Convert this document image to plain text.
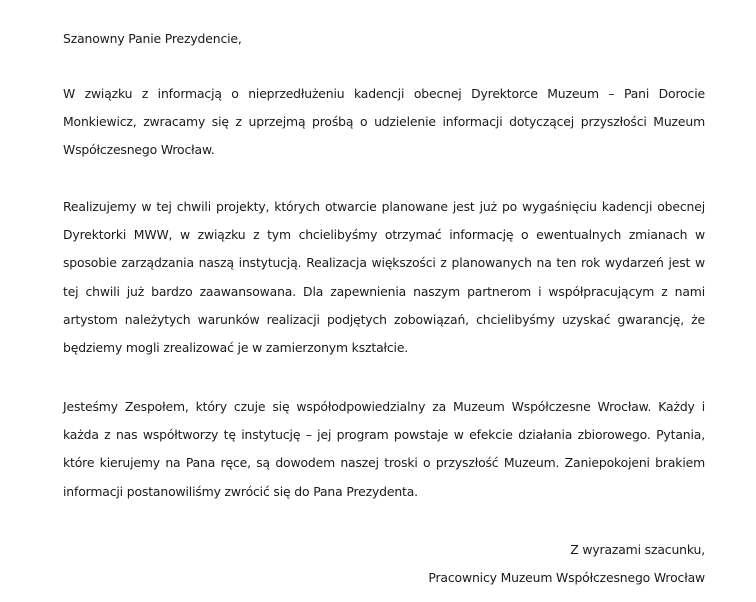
Szanowny Panie Prezydencie,

W związku z informacją o nieprzedłużeniu kadencji obecnej Dyrektorce Muzeum – Pani Dorocie Monkiewicz, zwracamy się z uprzejmą prośbą o udzielenie informacji dotyczącej przyszłości Muzeum Współczesnego Wrocław.

Realizujemy w tej chwili projekty, których otwarcie planowane jest już po wygaśnięciu kadencji obecnej Dyrektorki MWW, w związku z tym chcielibyśmy otrzymać informację o ewentualnych zmianach w sposobie zarządzania naszą instytucją. Realizacja większości z planowanych na ten rok wydarzeń jest w tej chwili już bardzo zaawansowana. Dla zapewnienia naszym partnerom i współpracującym z nami artystom należytych warunków realizacji podjętych zobowiązań, chcielibyśmy uzyskać gwarancję, że będziemy mogli zrealizować je w zamierzonym kształcie.

Jesteśmy Zespołem, który czuje się współodpowiedzialny za Muzeum Współczesne Wrocław. Każdy i każda z nas współtworzy tę instytucję – jej program powstaje w efekcie działania zbiorowego. Pytania, które kierujemy na Pana ręce, są dowodem naszej troski o przyszłość Muzeum. Zaniepokojeni brakiem informacji postanowiliśmy zwrócić się do Pana Prezydenta.

Z wyrazami szacunku,
Pracownicy Muzeum Współczesnego Wrocław
